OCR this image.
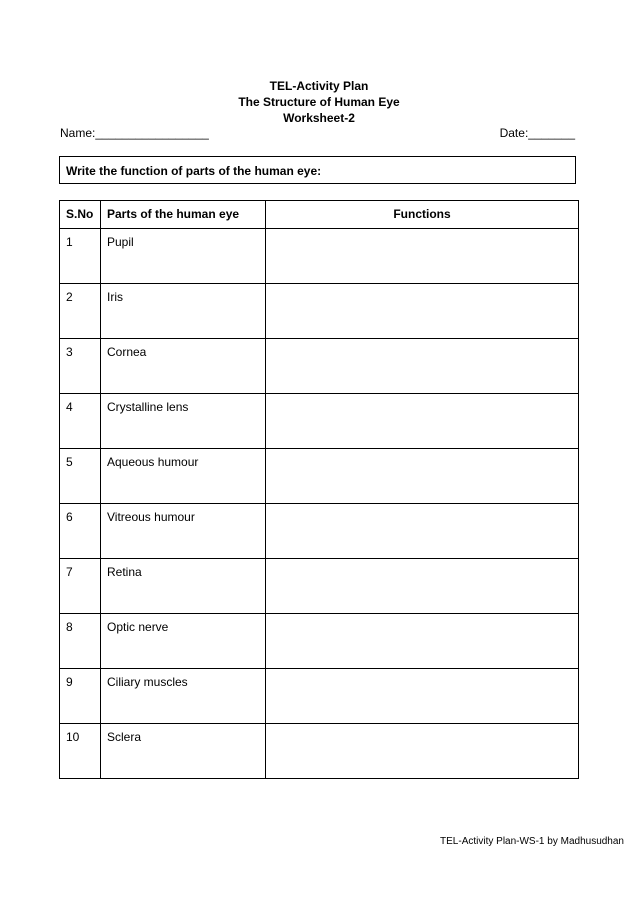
TEL-Activity Plan
The Structure of Human Eye
Worksheet-2
Name:_________________	Date:_______
Write the function of parts of the human eye:
S.No	Parts of the human eye	Functions
1	Pupil	
2	Iris	
3	Cornea	
4	Crystalline lens	
5	Aqueous humour	
6	Vitreous humour	
7	Retina	
8	Optic nerve	
9	Ciliary muscles	
10	Sclera	
TEL-Activity Plan-WS-1 by Madhusudhan
